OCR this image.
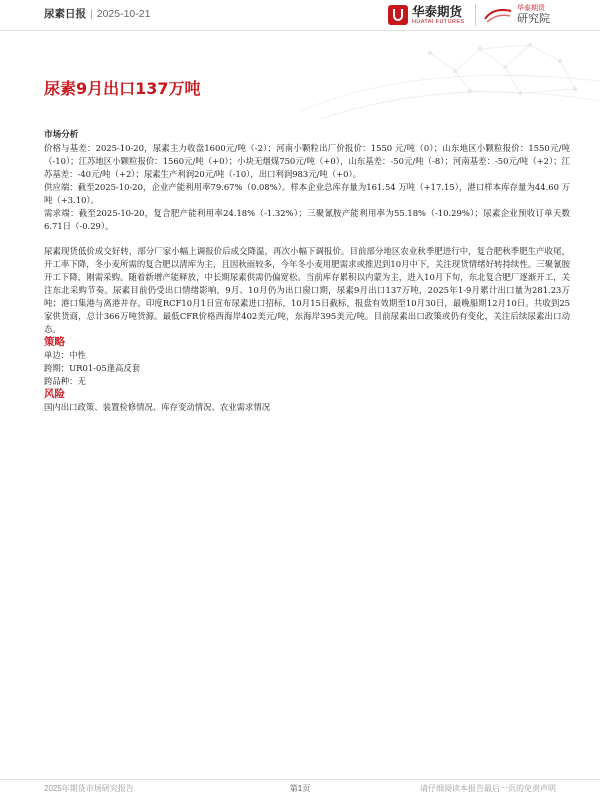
尿素日报 | 2025-10-21	华泰期货
HUATAI FUTURES
华泰期货
研究院
尿素9月出口137万吨

市场分析

价格与基差：2025-10-20，尿素主力收盘1600元/吨（-2）；河南小颗粒出厂价报价：1550 元/吨（0）；山东地区小颗粒报价：1550元/吨（-10）；江苏地区小颗粒报价：1560元/吨（+0）；小块无烟煤750元/吨（+0），山东基差：-50元/吨（-8）；河南基差：-50元/吨（+2）；江苏基差：-40元/吨（+2）；尿素生产利润20元/吨（-10），出口利润983元/吨（+0）。

供应端：截至2025-10-20，企业产能利用率79.67%（0.08%）。样本企业总库存量为161.54 万吨（+17.15），港口样本库存量为44.60 万吨（+3.10）。

需求端：截至2025-10-20，复合肥产能利用率24.18%（-1.32%）；三聚氰胺产能利用率为55.18%（-10.29%）；尿素企业预收订单天数6.71日（-0.29）。

尿素现货低价成交好转，部分厂家小幅上调报价后成交降温，再次小幅下调报价。目前部分地区农业秋季肥进行中，复合肥秋季肥生产收尾，开工率下降，冬小麦所需的复合肥以清库为主，且因秋雨较多，今年冬小麦用肥需求或推迟到10月中下，关注现货情绪好转持续性。三聚氰胺开工下降，刚需采购。随着新增产能释放，中长期尿素供需仍偏宽松。当前库存累积以内蒙为主，进入10月下旬，东北复合肥厂逐渐开工，关注东北采购节奏。尿素目前仍受出口情绪影响，9月、10月仍为出口窗口期，尿素9月出口137万吨，2025年1-9月累计出口量为281.23万吨；港口集港与离港并存。印度RCF10月1日宣布尿素进口招标，10月15日截标，报盘有效期至10月30日，最晚船期12月10日。共收到25家供货商，总计366万吨货源。最低CFR价格西海岸402美元/吨，东海岸395美元/吨。目前尿素出口政策或仍有变化，关注后续尿素出口动态。

策略

单边：中性

跨期：UR01-05逢高反套

跨品种：无

风险

国内出口政策、装置检修情况、库存变动情况、农业需求情况

2025年期货市场研究报告	第1页	请仔细阅读本报告最后一页的免责声明
